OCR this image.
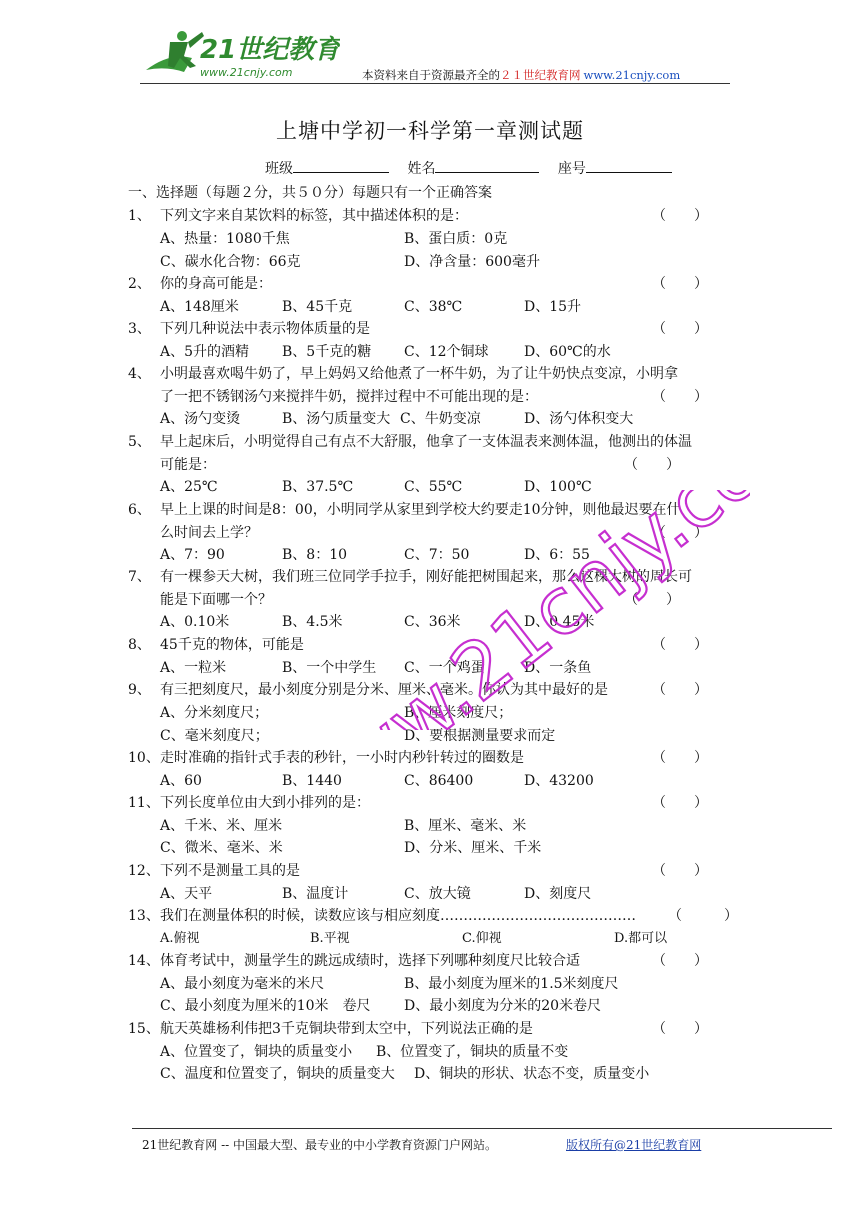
21世纪教育
www.21cnjy.com	本资料来自于资源最齐全的２１世纪教育网 www.21cnjy.com
上塘中学初一科学第一章测试题
班级	姓名	座号
一、选择题（每题２分，共５０分）每题只有一个正确答案
1、 下列文字来自某饮料的标签，其中描述体积的是：	（　　）
A、热量：1080千焦	B、蛋白质：0克
C、碳水化合物：66克	D、净含量：600毫升
2、 你的身高可能是：	（　　）
A、148厘米	B、45千克	C、38℃	D、15升
3、 下列几种说法中表示物体质量的是	（　　）
A、5升的酒精 B、5千克的糖 C、12个铜球	D、60℃的水
4、 小明最喜欢喝牛奶了，早上妈妈又给他煮了一杯牛奶，为了让牛奶快点变凉，小明拿
了一把不锈钢汤勺来搅拌牛奶，搅拌过程中不可能出现的是：	（　　）
A、汤勺变烫	B、汤勺质量变大 C、牛奶变凉	D、汤勺体积变大
5、 早上起床后，小明觉得自己有点不大舒服，他拿了一支体温表来测体温，他测出的体温
可能是：	（　　）
A、25℃	B、37.5℃	C、55℃	D、100℃
6、 早上上课的时间是8：00，小明同学从家里到学校大约要走10分钟，则他最迟要在什
么时间去上学？	（　　）
A、7：90	B、8：10	C、7：50	D、6：55
7、 有一棵参天大树，我们班三位同学手拉手，刚好能把树围起来，那么这棵大树的周长可
能是下面哪一个？	（　　）
A、0.10米	B、4.5米	C、36米	D、0.45米
8、 45千克的物体，可能是	（　　）
A、一粒米	B、一个中学生 C、一个鸡蛋	D、一条鱼
9、 有三把刻度尺，最小刻度分别是分米、厘米、毫米。你认为其中最好的是	（　　）
A、分米刻度尺；	B、厘米刻度尺；
C、毫米刻度尺；	D、要根据测量要求而定
10、 走时准确的指针式手表的秒针，一小时内秒针转过的圈数是	（　　）
A、60	B、1440	C、86400	D、43200
11、 下列长度单位由大到小排列的是：	（　　）
A、千米、米、厘米	B、厘米、毫米、米
C、微米、毫米、米	D、分米、厘米、千米
12、 下列不是测量工具的是	（　　）
A、天平	B、温度计	C、放大镜	D、刻度尺
13、 我们在测量体积的时候，读数应该与相应刻度…………………………………… （　　　）
A.俯视	B.平视	C.仰视	D.都可以
14、 体育考试中，测量学生的跳远成绩时，选择下列哪种刻度尺比较合适	（　　）
A、最小刻度为毫米的米尺	B、最小刻度为厘米的1.5米刻度尺
C、最小刻度为厘米的10米　卷尺 D、最小刻度为分米的20米卷尺
15、 航天英雄杨利伟把3千克铜块带到太空中，下列说法正确的是	（　　）
A、位置变了，铜块的质量变小 B、位置变了，铜块的质量不变
C、温度和位置变了，铜块的质量变大 D、铜块的形状、状态不变，质量变小
www.21cnjy.com
21世纪教育网 -- 中国最大型、最专业的中小学教育资源门户网站。	版权所有@21世纪教育网
